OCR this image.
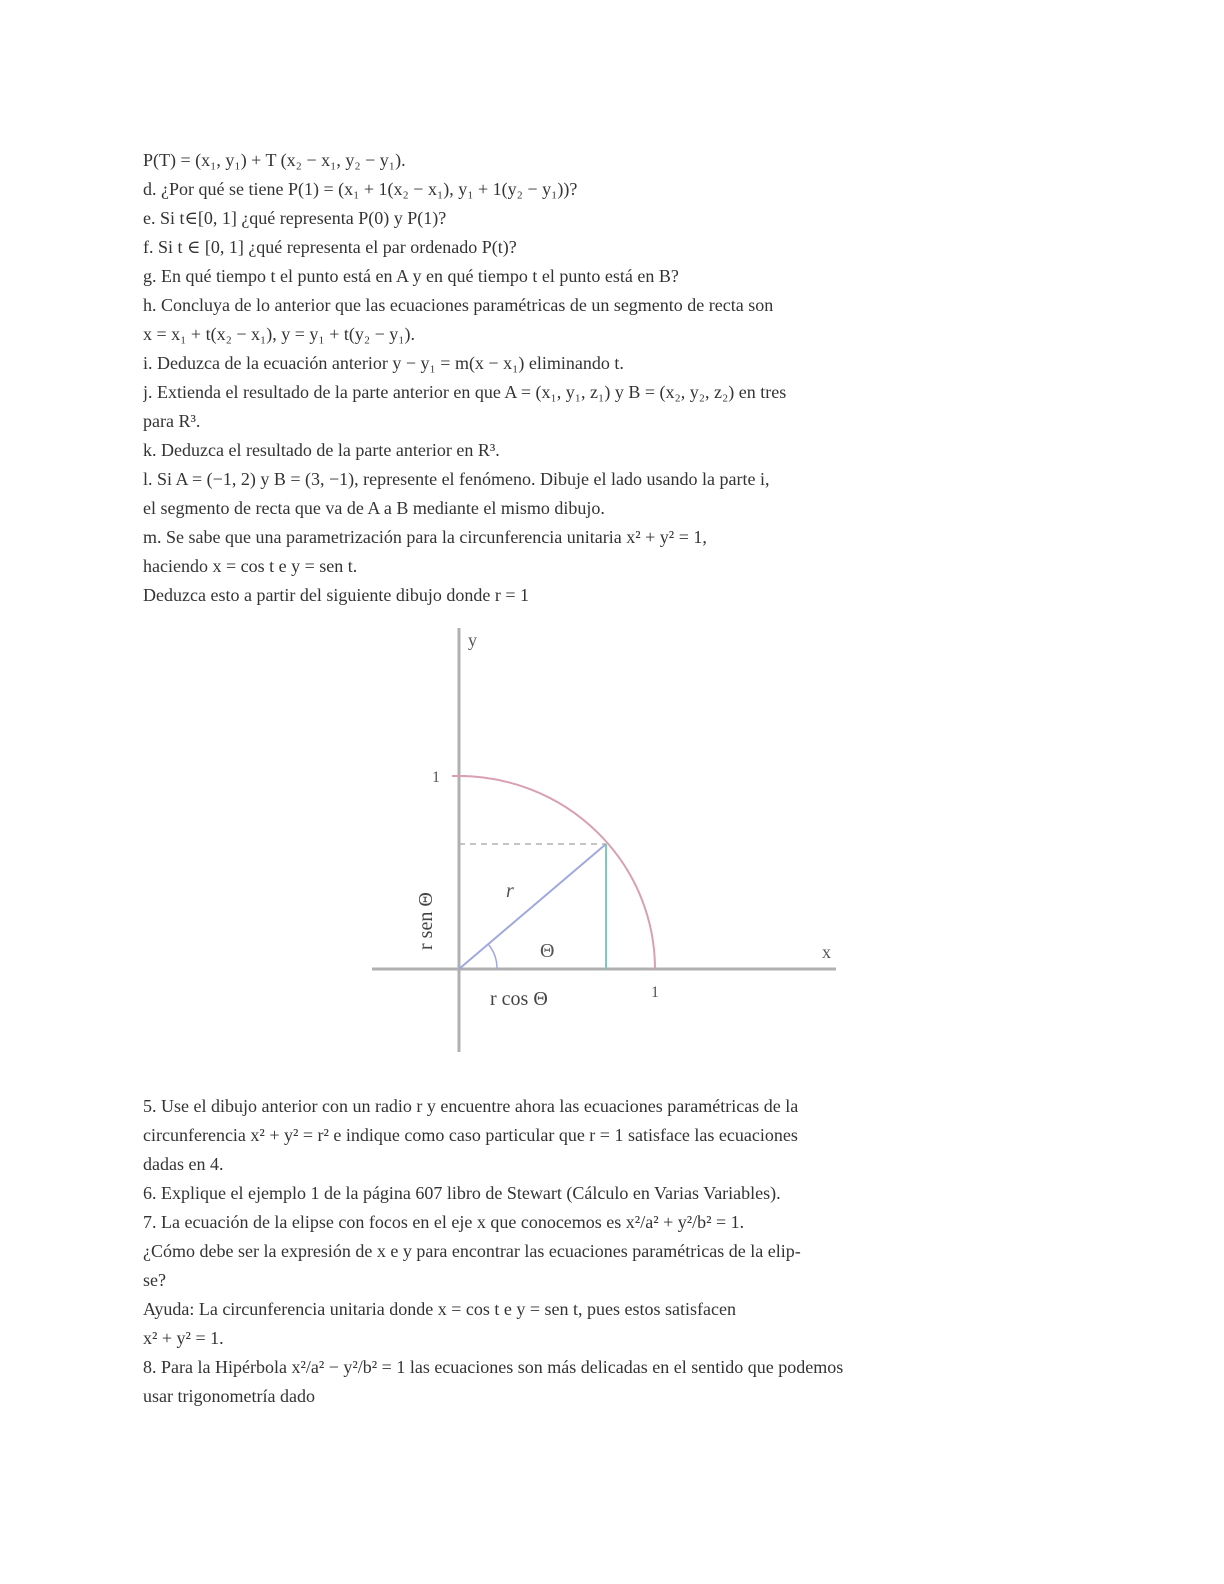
P(T) = (x₁, y₁) + T (x₂ − x₁, y₂ − y₁).
d. ¿Por qué se tiene P(1) = (x₁ + 1(x₂ − x₁), y₁ + 1(y₂ − y₁))?
e. Si t∈[0, 1] ¿qué representa P(0) y P(1)?
f. Si t ∈ [0, 1] ¿qué representa el par ordenado P(t)?
g. En qué tiempo t el punto está en A y en qué tiempo t el punto está en B?
h. Concluya de lo anterior que las ecuaciones paramétricas de un segmento de recta son
x = x₁ + t(x₂ − x₁), y = y₁ + t(y₂ − y₁).
i. Deduzca de la ecuación anterior y − y₁ = m(x − x₁) eliminando t.
j. Extienda el resultado de la parte anterior en que A = (x₁, y₁, z₁) y B = (x₂, y₂, z₂) en tres
para R³.
k. Deduzca el resultado de la parte anterior en R³.
l. Si A = (−1, 2) y B = (3, −1), represente el fenómeno. Dibuje el lado usando la parte i,
el segmento de recta que va de A a B mediante el mismo dibujo.
m. Se sabe que una parametrización para la circunferencia unitaria x² + y² = 1,
haciendo x = cos t e y = sen t.
Deduzca esto a partir del siguiente dibujo donde r = 1
y
x
r
Θ
1
1
r sen Θ
r cos Θ
5. Use el dibujo anterior con un radio r y encuentre ahora las ecuaciones paramétricas de la
circunferencia x² + y² = r² e indique como caso particular que r = 1 satisface las ecuaciones
dadas en 4.
6. Explique el ejemplo 1 de la página 607 libro de Stewart (Cálculo en Varias Variables).
7. La ecuación de la elipse con focos en el eje x que conocemos es x²/a² + y²/b² = 1.
¿Cómo debe ser la expresión de x e y para encontrar las ecuaciones paramétricas de la elip-
se?
Ayuda: La circunferencia unitaria donde x = cos t e y = sen t, pues estos satisfacen
x² + y² = 1.
8. Para la Hipérbola x²/a² − y²/b² = 1 las ecuaciones son más delicadas en el sentido que podemos
usar trigonometría dado
